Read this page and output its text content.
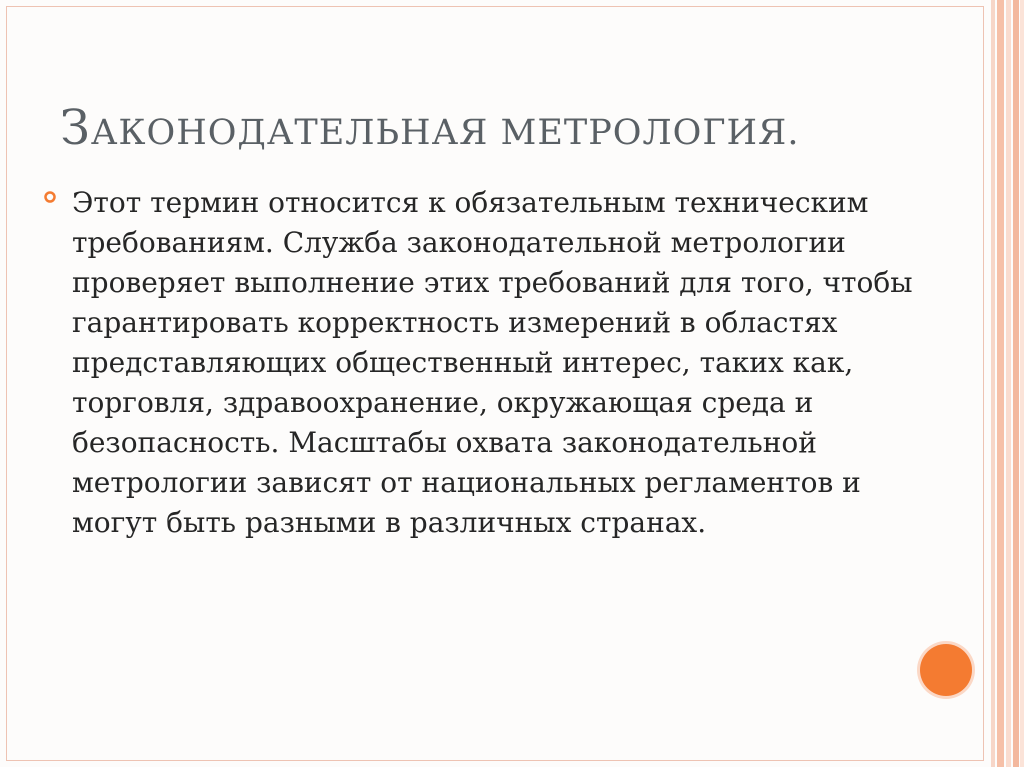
ЗАКОНОДАТЕЛЬНАЯ МЕТРОЛОГИЯ.

Этот термин относится к обязательным техническим требованиям. Служба законодательной метрологии проверяет выполнение этих требований для того, чтобы гарантировать корректность измерений в областях представляющих общественный интерес, таких как, торговля, здравоохранение, окружающая среда и безопасность. Масштабы охвата законодательной метрологии зависят от национальных регламентов и могут быть разными в различных странах.
